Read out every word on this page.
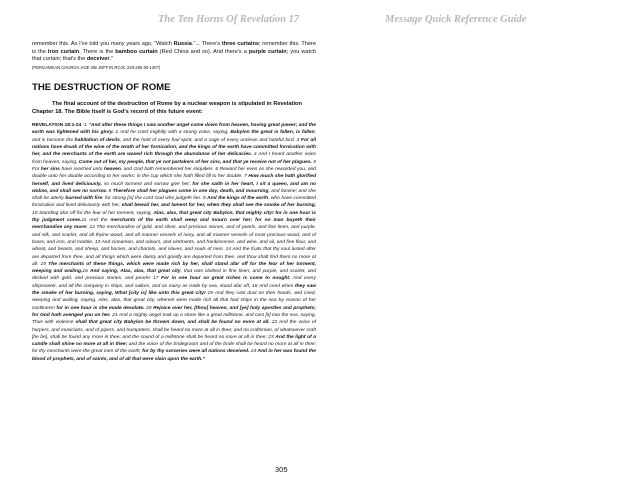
The Ten Horns Of Revelation 17	Message Quick Reference Guide
remember this. As I've told you many years ago, “Watch Russia.”... There's three curtains; remember this. There is the iron curtain. There is the bamboo curtain (Red China and so). And there's a purple curtain; you watch that curtain; that's the deceiver.”
(PERGAMEAN.CHURCH.AGE title JEFF.IN ROJC 229-285 60-1207)
THE DESTRUCTION OF ROME

The final account of the destruction of Rome by a nuclear weapon is stipulated in Revelation Chapter 18. The Bible itself is God's record of this future event:

REVELATION 18:1-24 -1 “And after these things I saw another angel come down from heaven, having great power; and the earth was lightened with his glory. 2 And he cried mightily with a strong voice, saying, Babylon the great is fallen, is fallen, and is become the habitation of devils, and the hold of every foul spirit, and a cage of every unclean and hateful bird. 3 For all nations have drunk of the wine of the wrath of her fornication, and the kings of the earth have committed fornication with her, and the merchants of the earth are waxed rich through the abundance of her delicacies. 4 And I heard another voice from heaven, saying, Come out of her, my people, that ye not partakers of her sins, and that ye receive not of her plagues. 5 For her sins have reached unto heaven, and God hath remembered her iniquities. 6 Reward her even as she rewarded you, and double unto her double according to her works: in the cup which she hath filled fill to her double. 7 How much she hath glorified herself, and lived deliciously, so much torment and sorrow give her: for she saith in her heart, I sit a queen, and am no widow, and shall see no sorrow. 8 Therefore shall her plagues come in one day, death, and mourning, and famine; and she shall be utterly burned with fire: for strong [is] the Lord God who judgeth her. 9 And the kings of the earth, who have committed fornication and lived deliciously with her, shall bewail her, and lament for her, when they shall see the smoke of her burning, 10 Standing afar off for the fear of her torment, saying, Alas, alas, that great city Babylon, that mighty city! for in one hour is thy judgment come.11 And the merchants of the earth shall weep and mourn over her; for no man buyeth their merchandise any more: 12 The merchandise of gold, and silver, and precious stones, and of pearls, and fine linen, and purple, and silk, and scarlet, and all thyine wood, and all manner vessels of ivory, and all manner vessels of most precious wood, and of brass, and iron, and marble, 13 And cinnamon, and odours, and ointments, and frankincense, and wine, and oil, and fine flour, and wheat, and beasts, and sheep, and horses, and chariots, and slaves, and souls of men. 14 And the fruits that thy soul lusted after are departed from thee, and all things which were dainty and goodly are departed from thee, and thou shalt find them no more at all. 15 The merchants of these things, which were made rich by her, shall stand afar off for the fear of her torment, weeping and wailing,16 And saying, Alas, alas, that great city, that was clothed in fine linen, and purple, and scarlet, and decked with gold, and precious stones, and pearls! 17 For in one hour so great riches is come to nought. And every shipmaster, and all the company in ships, and sailors, and as many as trade by sea, stood afar off, 18 And cried when they saw the smoke of her burning, saying, What [city is] like unto this great city! 19 And they cast dust on their heads, and cried, weeping and wailing, saying, Alas, alas, that great city, wherein were made rich all that had ships in the sea by reason of her costliness! for in one hour is she made desolate. 20 Rejoice over her, [thou] heaven, and [ye] holy apostles and prophets; for God hath avenged you on her. 21 And a mighty angel took up a stone like a great millstone, and cast [it] into the sea, saying, Thus with violence shall that great city Babylon be thrown down, and shall be found no more at all. 22 And the voice of harpers, and musicians, and of pipers, and trumpeters, shall be heard no more at all in thee; and no craftsman, of whatsoever craft [he be], shall be found any more in thee; and the sound of a millstone shall be heard no more at all in thee; 23 And the light of a candle shall shine no more at all in thee; and the voice of the bridegroom and of the bride shall be heard no more at all in thee: for thy merchants were the great men of the earth; for by thy sorceries were all nations deceived. 24 And in her was found the blood of prophets, and of saints, and of all that were slain upon the earth.”
305
